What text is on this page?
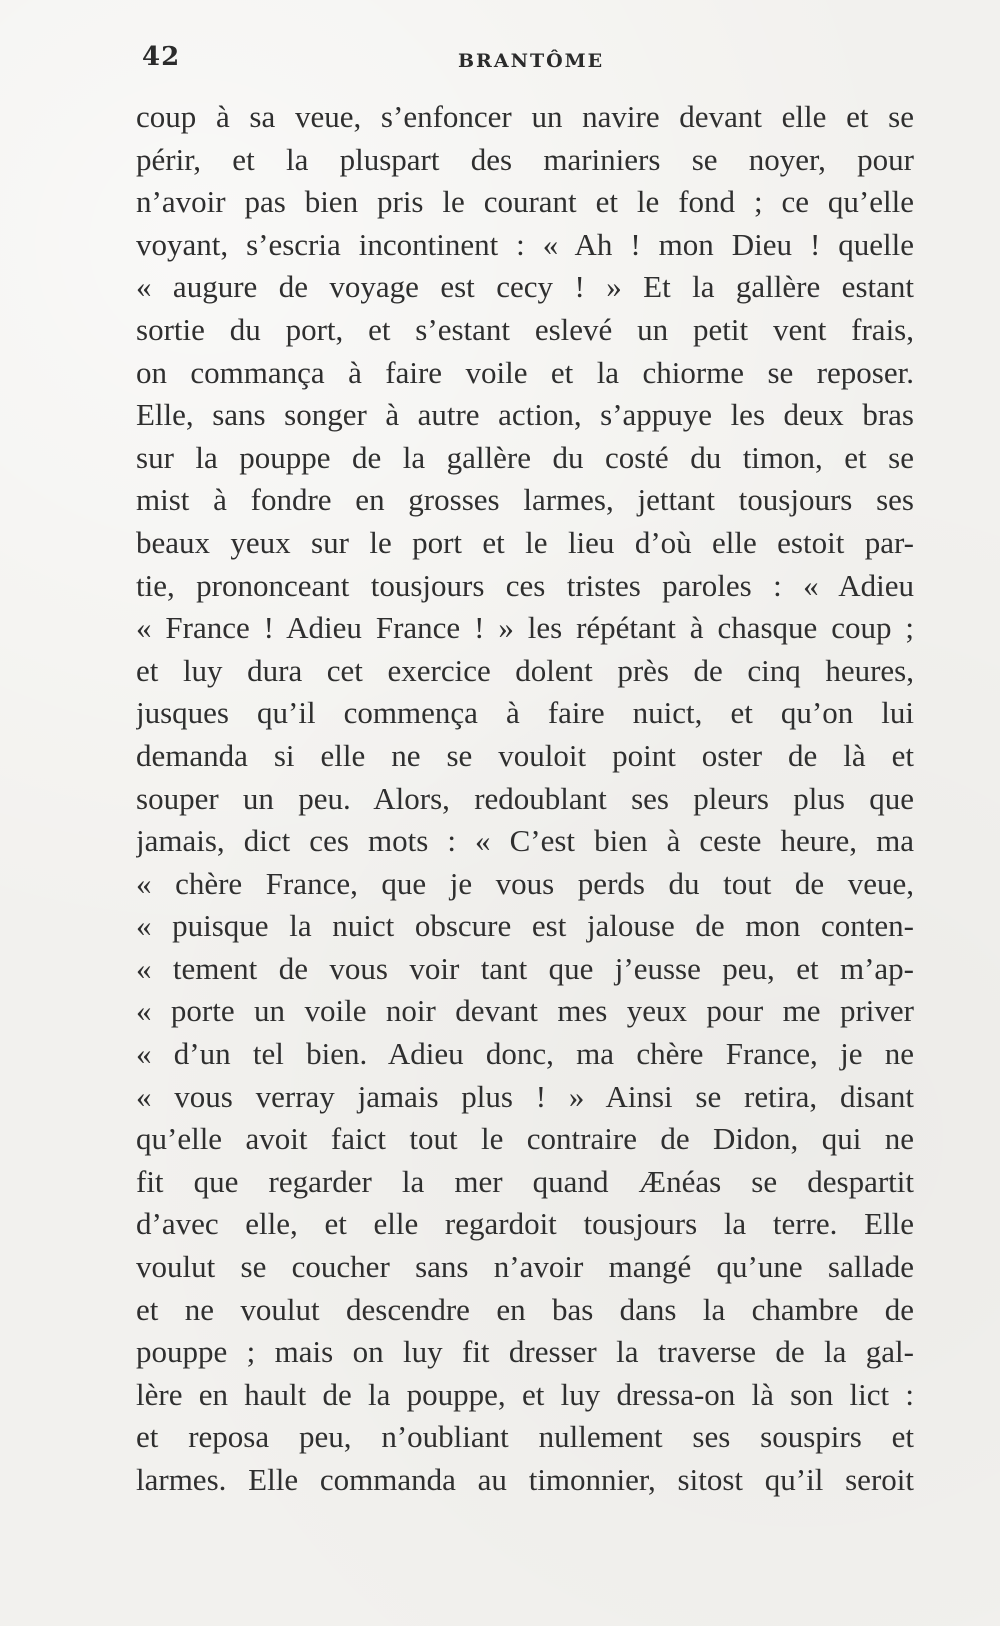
42	BRANTÔME
coup à sa veue, s’enfoncer un navire devant elle et se
périr, et la pluspart des mariniers se noyer, pour
n’avoir pas bien pris le courant et le fond ; ce qu’elle
voyant, s’escria incontinent : « Ah ! mon Dieu ! quelle
« augure de voyage est cecy ! » Et la gallère estant
sortie du port, et s’estant eslevé un petit vent frais,
on commança à faire voile et la chiorme se reposer.
Elle, sans songer à autre action, s’appuye les deux bras
sur la pouppe de la gallère du costé du timon, et se
mist à fondre en grosses larmes, jettant tousjours ses
beaux yeux sur le port et le lieu d’où elle estoit par-
tie, prononceant tousjours ces tristes paroles : « Adieu
« France ! Adieu France ! » les répétant à chasque coup ;
et luy dura cet exercice dolent près de cinq heures,
jusques qu’il commença à faire nuict, et qu’on lui
demanda si elle ne se vouloit point oster de là et
souper un peu. Alors, redoublant ses pleurs plus que
jamais, dict ces mots : « C’est bien à ceste heure, ma
« chère France, que je vous perds du tout de veue,
« puisque la nuict obscure est jalouse de mon conten-
« tement de vous voir tant que j’eusse peu, et m’ap-
« porte un voile noir devant mes yeux pour me priver
« d’un tel bien. Adieu donc, ma chère France, je ne
« vous verray jamais plus ! » Ainsi se retira, disant
qu’elle avoit faict tout le contraire de Didon, qui ne
fit que regarder la mer quand Ænéas se despartit
d’avec elle, et elle regardoit tousjours la terre. Elle
voulut se coucher sans n’avoir mangé qu’une sallade
et ne voulut descendre en bas dans la chambre de
pouppe ; mais on luy fit dresser la traverse de la gal-
lère en hault de la pouppe, et luy dressa-on là son lict :
et reposa peu, n’oubliant nullement ses souspirs et
larmes. Elle commanda au timonnier, sitost qu’il seroit
